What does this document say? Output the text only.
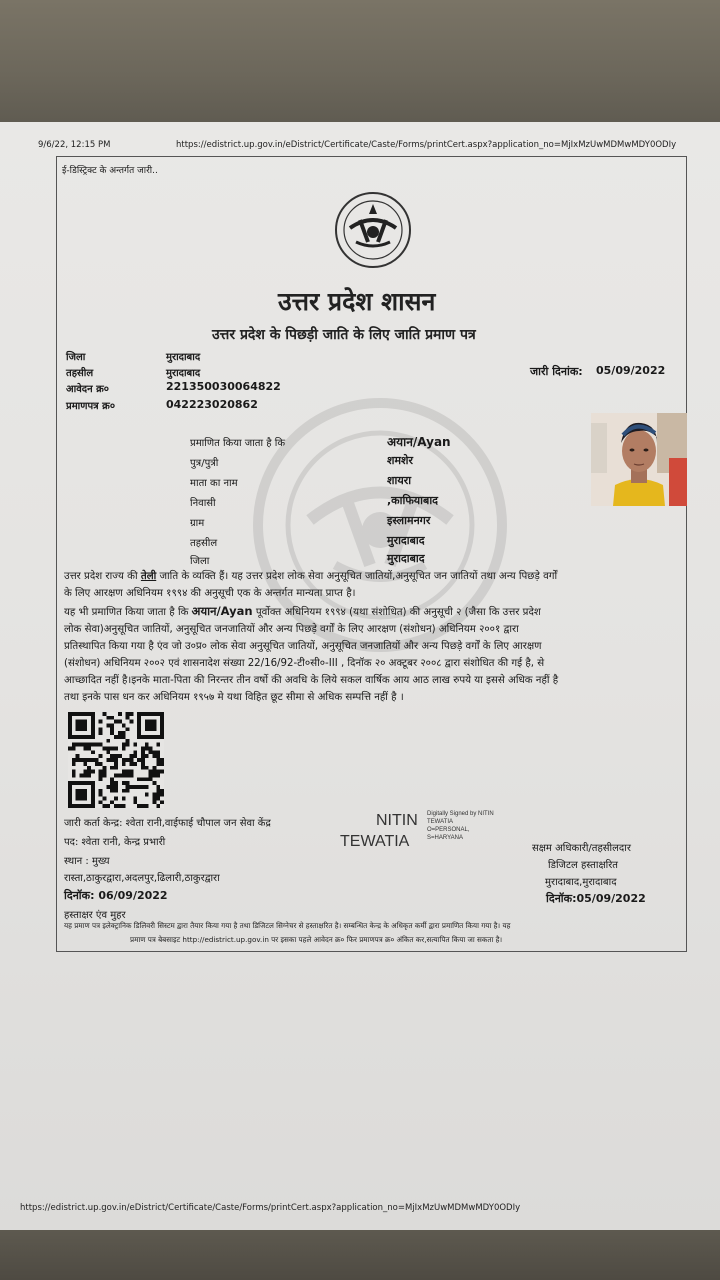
9/6/22, 12:15 PM	https://edistrict.up.gov.in/eDistrict/Certificate/Caste/Forms/printCert.aspx?application_no=MjIxMzUwMDMwMDY0ODIy
ई-डिस्ट्रिक्ट के अन्तर्गत जारी..
उत्तर प्रदेश शासन
उत्तर प्रदेश के पिछड़ी जाति के लिए जाति प्रमाण पत्र
जिला	मुरादाबाद
तहसील	मुरादाबाद
आवेदन क्र०	221350030064822
प्रमाणपत्र क्र०	042223020862
जारी दिनांक: 05/09/2022
प्रमाणित किया जाता है कि	अयान/Ayan
पुत्र/पुत्री	शमशेर
माता का नाम	शायरा
निवासी	,काफियाबाद
ग्राम	इस्लामनगर
तहसील	मुरादाबाद
जिला	मुरादाबाद
उत्तर प्रदेश राज्य की तेली जाति के व्यक्ति हैं। यह उत्तर प्रदेश लोक सेवा अनुसूचित जातियों,अनुसूचित जन जातियों तथा अन्य पिछड़े वर्गों
के लिए आरक्षण अधिनियम १९९४ की अनुसूची एक के अन्तर्गत मान्यता प्राप्त है।
यह भी प्रमाणित किया जाता है कि अयान/Ayan पूर्वोक्त अधिनियम १९९४ (यथा संशोधित) की अनुसूची २ (जैसा कि उत्तर प्रदेश
लोक सेवा)अनुसूचित जातियों, अनुसूचित जनजातियों और अन्य पिछड़े वर्गों के लिए आरक्षण (संशोधन) अधिनियम २००१ द्वारा
प्रतिस्थापित किया गया है एंव जो उ०प्र० लोक सेवा अनुसूचित जातियों, अनुसूचित जनजातियों और अन्य पिछड़े वर्गों के लिए आरक्षण
(संशोधन) अधिनियम २००२ एवं शासनादेश संख्या 22/16/92-टी०सी०-III , दिनॉक २० अक्टूबर २००८ द्वारा संशोधित की गई है, से
आच्छादित नहीं है।इनके माता-पिता की निरन्तर तीन वर्षो की अवधि के लिये सकल वार्षिक आय आठ लाख रुपये या इससे अधिक नहीं है
तथा इनके पास धन कर अधिनियम १९५७ मे यथा विहित छूट सीमा से अधिक सम्पत्ति नहीं है ।
जारी कर्ता केन्द्र: श्वेता रानी,वाईफाई चौपाल जन सेवा केंद्र
पद: श्वेता रानी, केन्द्र प्रभारी
स्थान : मुख्य
रास्ता,ठाकुरद्वारा,अदलपुर,ढिलारी,ठाकुरद्वारा
दिनॉक: 06/09/2022
हस्ताक्षर एंव मुहर
NITIN
TEWATIA
Digitally Signed by NITIN
TEWATIA
O=PERSONAL,
S=HARYANA
सक्षम अधिकारी/तहसीलदार
डिजिटल हस्ताक्षरित
मुरादाबाद,मुरादाबाद
दिनॉक:05/09/2022
यह प्रमाण पत्र इलेक्ट्रानिक डिलिवरी सिस्टम द्वारा तैयार किया गया है तथा डिजिटल सिग्नेचर से हस्ताक्षरित है। सम्बन्धित केन्द्र के अधिकृत कर्मी द्वारा प्रमाणित किया गया है। यह
प्रमाण पत्र बेबसाइट http://edistrict.up.gov.in पर इसका पहले आवेदन क्र० फिर प्रमाणपत्र क्र० अंकित कर,सत्यापित किया जा सकता है।
https://edistrict.up.gov.in/eDistrict/Certificate/Caste/Forms/printCert.aspx?application_no=MjIxMzUwMDMwMDY0ODIy
